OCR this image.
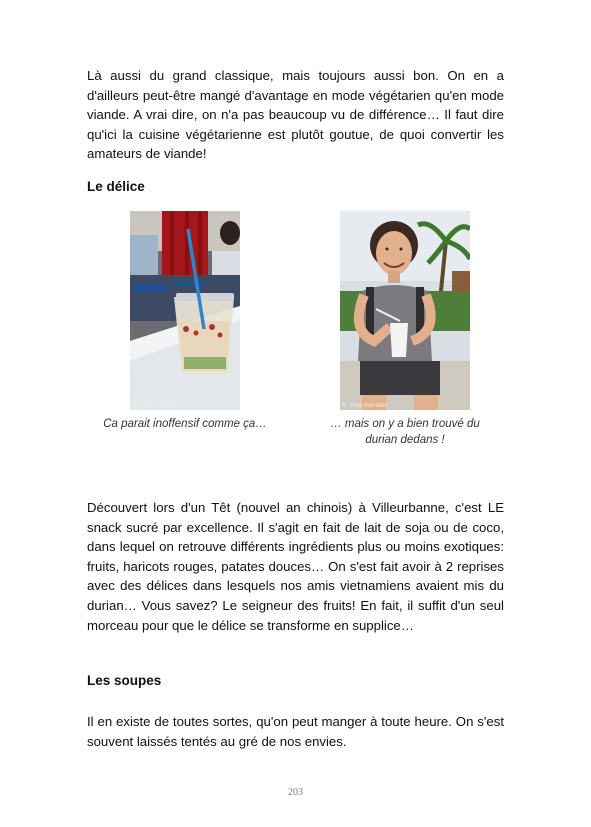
Là aussi du grand classique, mais toujours aussi bon. On en a d'ailleurs peut-être mangé d'avantage en mode végétarien qu'en mode viande. A vrai dire, on n'a pas beaucoup vu de différence… Il faut dire qu'ici la cuisine végétarienne est plutôt goutue, de quoi convertir les amateurs de viande!

Le délice
© Hứa mender	© Hứa mender

Ca parait inoffensif comme ça…	… mais on y a bien trouvé du durian dedans !

Découvert lors d'un Têt (nouvel an chinois) à Villeurbanne, c'est LE snack sucré par excellence. Il s'agit en fait de lait de soja ou de coco, dans lequel on retrouve différents ingrédients plus ou moins exotiques: fruits, haricots rouges, patates douces… On s'est fait avoir à 2 reprises avec des délices dans lesquels nos amis vietnamiens avaient mis du durian… Vous savez? Le seigneur des fruits! En fait, il suffit d'un seul morceau pour que le délice se transforme en supplice…

Les soupes

Il en existe de toutes sortes, qu'on peut manger à toute heure. On s'est souvent laissés tentés au gré de nos envies.

203
